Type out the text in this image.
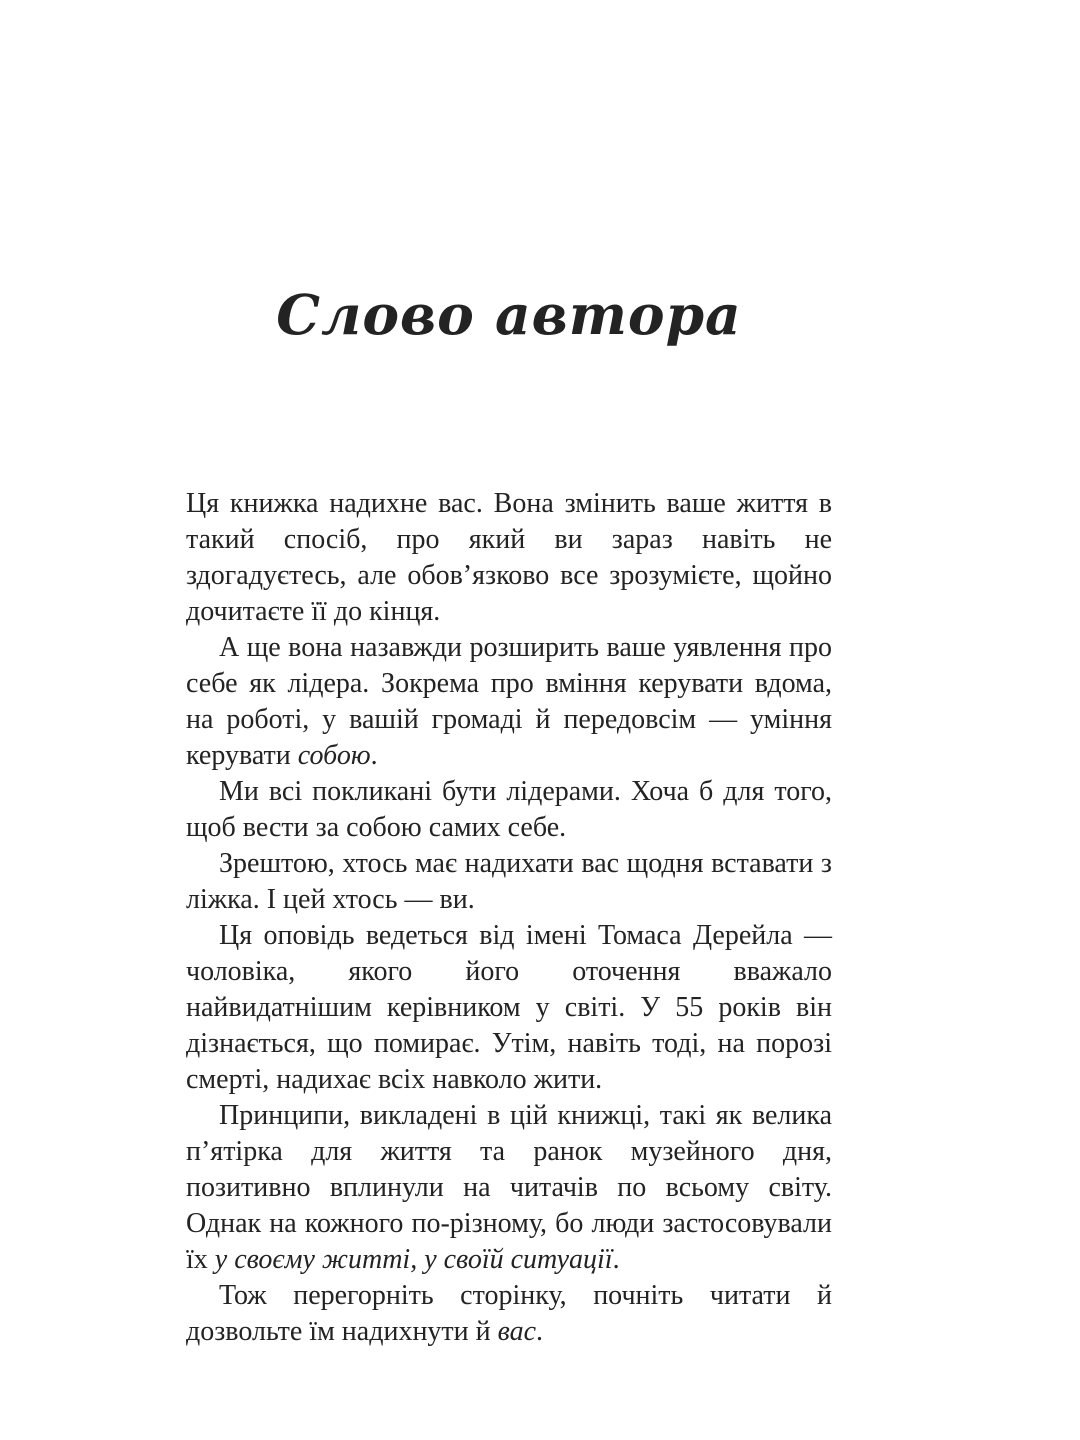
Слово автора

Ця книжка надихне вас. Вона змінить ваше життя в такий спосіб, про який ви зараз навіть не здогадуєтесь, але обов’язково все зрозумієте, щойно дочитаєте її до кінця.

А ще вона назавжди розширить ваше уявлення про себе як лідера. Зокрема про вміння керувати вдома, на роботі, у вашій громаді й передовсім — уміння керувати собою.

Ми всі покликані бути лідерами. Хоча б для того, щоб вести за собою самих себе.

Зрештою, хтось має надихати вас щодня вставати з ліжка. І цей хтось — ви.

Ця оповідь ведеться від імені Томаса Дерейла — чоловіка, якого його оточення вважало найвидатнішим керівником у світі. У 55 років він дізнається, що помирає. Утім, навіть тоді, на порозі смерті, надихає всіх навколо жити.

Принципи, викладені в цій книжці, такі як велика п’ятірка для життя та ранок музейного дня, позитивно вплинули на читачів по всьому світу. Однак на кожного по-різному, бо люди застосовували їх у своєму житті, у своїй ситуації.

Тож перегорніть сторінку, почніть читати й дозвольте їм надихнути й вас.
